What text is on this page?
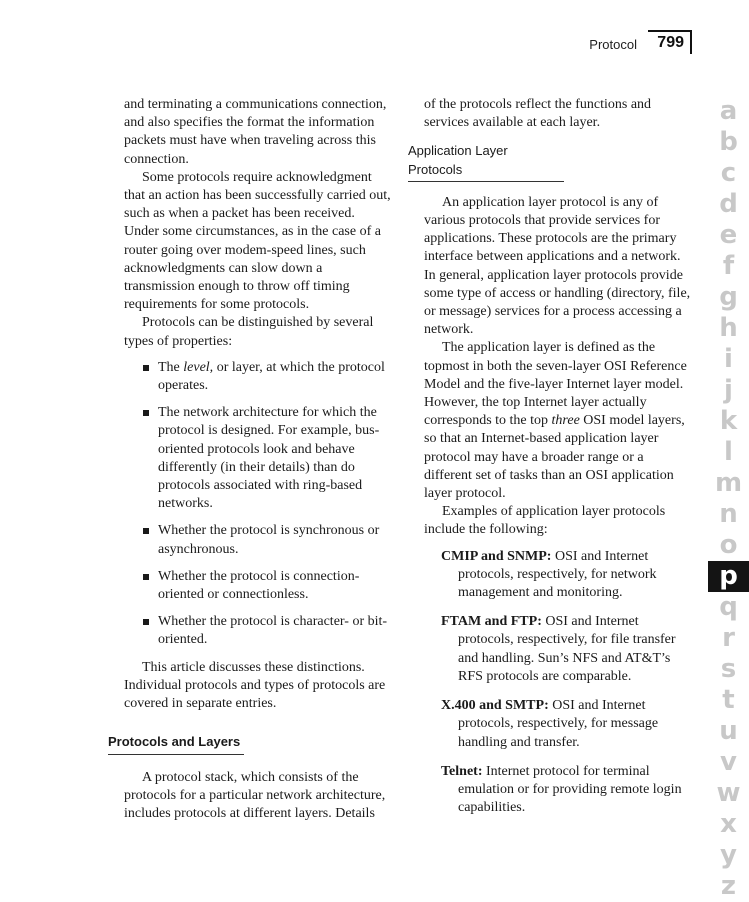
Protocol 799

and terminating a communications connection, and also specifies the format the information packets must have when traveling across this connection.

Some protocols require acknowledgment that an action has been successfully carried out, such as when a packet has been received. Under some circumstances, as in the case of a router going over modem-speed lines, such acknowledgments can slow down a transmission enough to throw off timing requirements for some protocols.

Protocols can be distinguished by several types of properties:

The level, or layer, at which the protocol operates.
The network architecture for which the protocol is designed. For example, bus-oriented protocols look and behave differently (in their details) than do protocols associated with ring-based networks.
Whether the protocol is synchronous or asynchronous.
Whether the protocol is connection-oriented or connectionless.
Whether the protocol is character- or bit-oriented.

This article discusses these distinctions. Individual protocols and types of protocols are covered in separate entries.

Protocols and Layers

A protocol stack, which consists of the protocols for a particular network architecture, includes protocols at different layers. Details

of the protocols reflect the functions and services available at each layer.

Application Layer Protocols

An application layer protocol is any of various protocols that provide services for applications. These protocols are the primary interface between applications and a network. In general, application layer protocols provide some type of access or handling (directory, file, or message) services for a process accessing a network.

The application layer is defined as the topmost in both the seven-layer OSI Reference Model and the five-layer Internet layer model. However, the top Internet layer actually corresponds to the top three OSI model layers, so that an Internet-based application layer protocol may have a broader range or a different set of tasks than an OSI application layer protocol.

Examples of application layer protocols include the following:

CMIP and SNMP: OSI and Internet protocols, respectively, for network management and monitoring.
FTAM and FTP: OSI and Internet protocols, respectively, for file transfer and handling. Sun’s NFS and AT&T’s RFS protocols are comparable.
X.400 and SMTP: OSI and Internet protocols, respectively, for message handling and transfer.
Telnet: Internet protocol for terminal emulation or for providing remote login capabilities.
a
b
c
d
e
f
g
h
i
j
k
l
m
n
o
p
q
r
s
t
u
v
w
x
y
z
